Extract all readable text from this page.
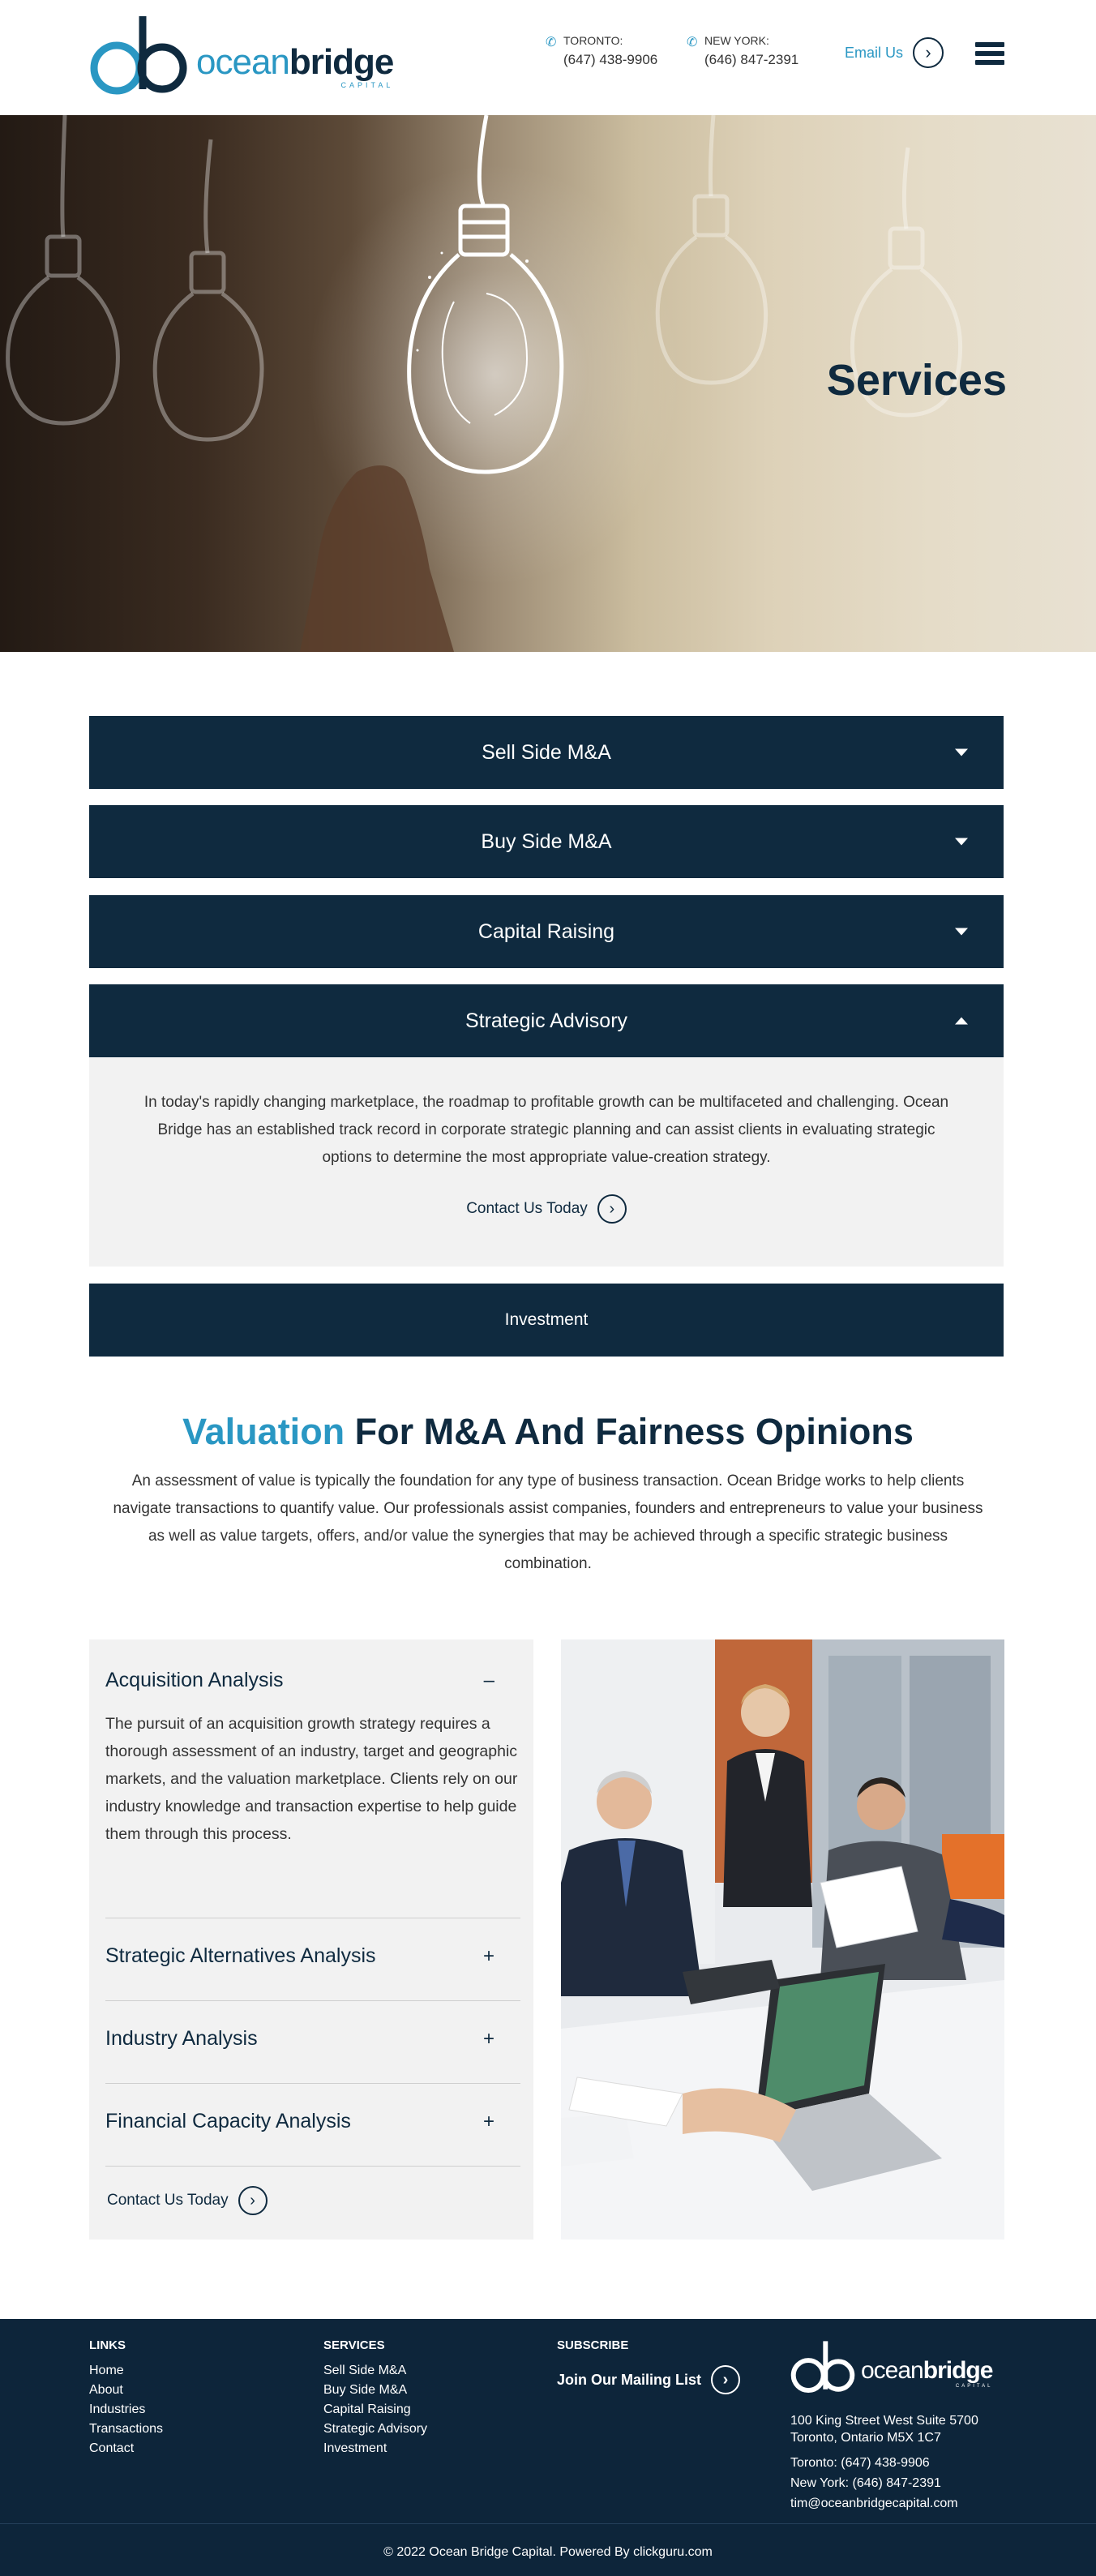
oceanbridge
CAPITAL
✆ TORONTO:
(647) 438-9906
✆ NEW YORK:
(646) 847-2391	Email Us	›
Services
Sell Side M&A
Buy Side M&A
Capital Raising
Strategic Advisory

In today's rapidly changing marketplace, the roadmap to profitable growth can be multifaceted and challenging. Ocean Bridge has an established track record in corporate strategic planning and can assist clients in evaluating strategic options to determine the most appropriate value-creation strategy.

Contact Us Today	›
Investment
Valuation For M&A And Fairness Opinions

An assessment of value is typically the foundation for any type of business transaction. Ocean Bridge works to help clients navigate transactions to quantify value. Our professionals assist companies, founders and entrepreneurs to value your business as well as value targets, offers, and/or value the synergies that may be achieved through a specific strategic business combination.

Acquisition Analysis	–
The pursuit of an acquisition growth strategy requires a thorough assessment of an industry, target and geographic markets, and the valuation marketplace. Clients rely on our industry knowledge and transaction expertise to help guide them through this process.
Strategic Alternatives Analysis	+
Industry Analysis	+
Financial Capacity Analysis	+
Contact Us Today	›
LINKS
Home
About
Industries
Transactions
Contact
SERVICES
Sell Side M&A
Buy Side M&A
Capital Raising
Strategic Advisory
Investment
SUBSCRIBE
Join Our Mailing List	›	oceanbridge
CAPITAL
100 King Street West Suite 5700
Toronto, Ontario M5X 1C7
Toronto: (647) 438-9906
New York: (646) 847-2391
tim@oceanbridgecapital.com
© 2022 Ocean Bridge Capital. Powered By clickguru.com
